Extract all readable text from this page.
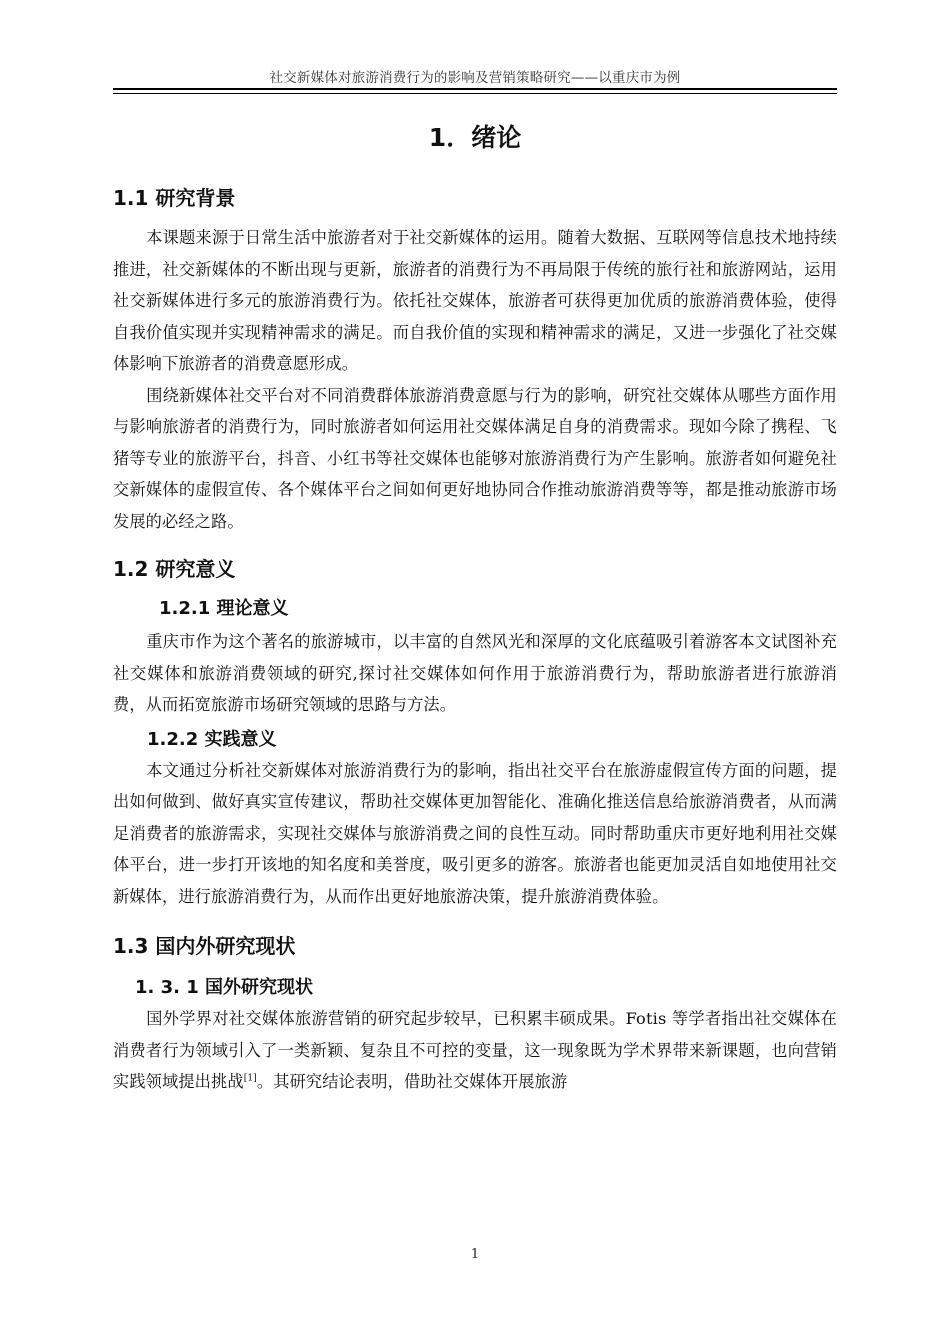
社交新媒体对旅游消费行为的影响及营销策略研究——以重庆市为例
1．绪论
1.1 研究背景

本课题来源于日常生活中旅游者对于社交新媒体的运用。随着大数据、互联网等信息技术地持续推进，社交新媒体的不断出现与更新，旅游者的消费行为不再局限于传统的旅行社和旅游网站，运用社交新媒体进行多元的旅游消费行为。依托社交媒体，旅游者可获得更加优质的旅游消费体验，使得自我价值实现并实现精神需求的满足。而自我价值的实现和精神需求的满足，又进一步强化了社交媒体影响下旅游者的消费意愿形成。

围绕新媒体社交平台对不同消费群体旅游消费意愿与行为的影响，研究社交媒体从哪些方面作用与影响旅游者的消费行为，同时旅游者如何运用社交媒体满足自身的消费需求。现如今除了携程、飞猪等专业的旅游平台，抖音、小红书等社交媒体也能够对旅游消费行为产生影响。旅游者如何避免社交新媒体的虚假宣传、各个媒体平台之间如何更好地协同合作推动旅游消费等等，都是推动旅游市场发展的必经之路。

1.2 研究意义
1.2.1 理论意义

重庆市作为这个著名的旅游城市，以丰富的自然风光和深厚的文化底蕴吸引着游客本文试图补充社交媒体和旅游消费领域的研究,探讨社交媒体如何作用于旅游消费行为，帮助旅游者进行旅游消费，从而拓宽旅游市场研究领域的思路与方法。

1.2.2 实践意义

本文通过分析社交新媒体对旅游消费行为的影响，指出社交平台在旅游虚假宣传方面的问题，提出如何做到、做好真实宣传建议，帮助社交媒体更加智能化、准确化推送信息给旅游消费者，从而满足消费者的旅游需求，实现社交媒体与旅游消费之间的良性互动。同时帮助重庆市更好地利用社交媒体平台，进一步打开该地的知名度和美誉度，吸引更多的游客。旅游者也能更加灵活自如地使用社交新媒体，进行旅游消费行为，从而作出更好地旅游决策，提升旅游消费体验。

1.3 国内外研究现状
1. 3. 1 国外研究现状

国外学界对社交媒体旅游营销的研究起步较早，已积累丰硕成果。Fotis 等学者指出社交媒体在消费者行为领域引入了一类新颖、复杂且不可控的变量，这一现象既为学术界带来新课题，也向营销实践领域提出挑战[1]。其研究结论表明，借助社交媒体开展旅游

1
